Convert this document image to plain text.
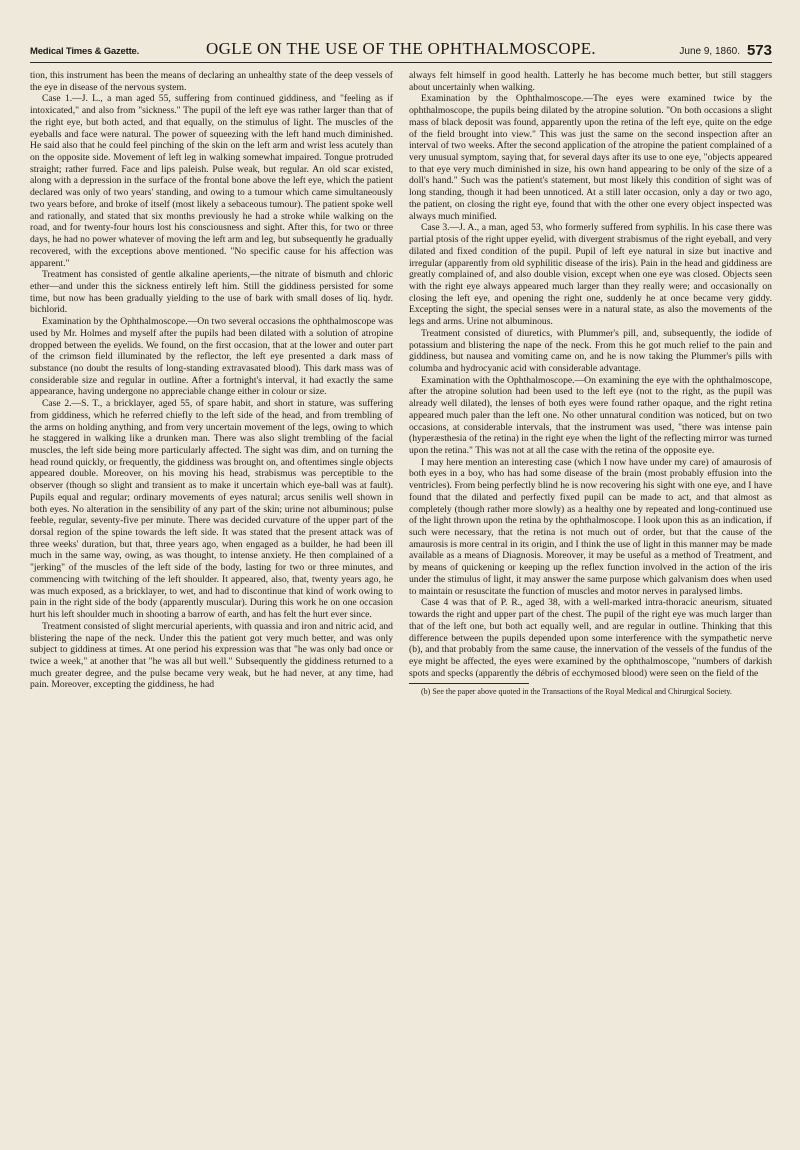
Medical Times & Gazette.	OGLE ON THE USE OF THE OPHTHALMOSCOPE.	June 9, 1860. 573

tion, this instrument has been the means of declaring an unhealthy state of the deep vessels of the eye in disease of the nervous system.

Case 1.—J. L., a man aged 55, suffering from continued giddiness, and "feeling as if intoxicated," and also from "sickness." The pupil of the left eye was rather larger than that of the right eye, but both acted, and that equally, on the stimulus of light. The muscles of the eyeballs and face were natural. The power of squeezing with the left hand much diminished. He said also that he could feel pinching of the skin on the left arm and wrist less acutely than on the opposite side. Movement of left leg in walking somewhat impaired. Tongue protruded straight; rather furred. Face and lips paleish. Pulse weak, but regular. An old scar existed, along with a depression in the surface of the frontal bone above the left eye, which the patient declared was only of two years' standing, and owing to a tumour which came simultaneously two years before, and broke of itself (most likely a sebaceous tumour). The patient spoke well and rationally, and stated that six months previously he had a stroke while walking on the road, and for twenty-four hours lost his consciousness and sight. After this, for two or three days, he had no power whatever of moving the left arm and leg, but subsequently he gradually recovered, with the exceptions above mentioned. "No specific cause for his affection was apparent."

Treatment has consisted of gentle alkaline aperients,—the nitrate of bismuth and chloric ether—and under this the sickness entirely left him. Still the giddiness persisted for some time, but now has been gradually yielding to the use of bark with small doses of liq. hydr. bichlorid.

Examination by the Ophthalmoscope.—On two several occasions the ophthalmoscope was used by Mr. Holmes and myself after the pupils had been dilated with a solution of atropine dropped between the eyelids. We found, on the first occasion, that at the lower and outer part of the crimson field illuminated by the reflector, the left eye presented a dark mass of substance (no doubt the results of long-standing extravasated blood). This dark mass was of considerable size and regular in outline. After a fortnight's interval, it had exactly the same appearance, having undergone no appreciable change either in colour or size.

Case 2.—S. T., a bricklayer, aged 55, of spare habit, and short in stature, was suffering from giddiness, which he referred chiefly to the left side of the head, and from trembling of the arms on holding anything, and from very uncertain movement of the legs, owing to which he staggered in walking like a drunken man. There was also slight trembling of the facial muscles, the left side being more particularly affected. The sight was dim, and on turning the head round quickly, or frequently, the giddiness was brought on, and oftentimes single objects appeared double. Moreover, on his moving his head, strabismus was perceptible to the observer (though so slight and transient as to make it uncertain which eye-ball was at fault). Pupils equal and regular; ordinary movements of eyes natural; arcus senilis well shown in both eyes. No alteration in the sensibility of any part of the skin; urine not albuminous; pulse feeble, regular, seventy-five per minute. There was decided curvature of the upper part of the dorsal region of the spine towards the left side. It was stated that the present attack was of three weeks' duration, but that, three years ago, when engaged as a builder, he had been ill much in the same way, owing, as was thought, to intense anxiety. He then complained of a "jerking" of the muscles of the left side of the body, lasting for two or three minutes, and commencing with twitching of the left shoulder. It appeared, also, that, twenty years ago, he was much exposed, as a bricklayer, to wet, and had to discontinue that kind of work owing to pain in the right side of the body (apparently muscular). During this work he on one occasion hurt his left shoulder much in shooting a barrow of earth, and has felt the hurt ever since.

Treatment consisted of slight mercurial aperients, with quassia and iron and nitric acid, and blistering the nape of the neck. Under this the patient got very much better, and was only subject to giddiness at times. At one period his expression was that "he was only bad once or twice a week," at another that "he was all but well." Subsequently the giddiness returned to a much greater degree, and the pulse became very weak, but he had never, at any time, had pain. Moreover, excepting the giddiness, he had

always felt himself in good health. Latterly he has become much better, but still staggers about uncertainly when walking.

Examination by the Ophthalmoscope.—The eyes were examined twice by the ophthalmoscope, the pupils being dilated by the atropine solution. "On both occasions a slight mass of black deposit was found, apparently upon the retina of the left eye, quite on the edge of the field brought into view." This was just the same on the second inspection after an interval of two weeks. After the second application of the atropine the patient complained of a very unusual symptom, saying that, for several days after its use to one eye, "objects appeared to that eye very much diminished in size, his own hand appearing to be only of the size of a doll's hand." Such was the patient's statement, but most likely this condition of sight was of long standing, though it had been unnoticed. At a still later occasion, only a day or two ago, the patient, on closing the right eye, found that with the other one every object inspected was always much minified.

Case 3.—J. A., a man, aged 53, who formerly suffered from syphilis. In his case there was partial ptosis of the right upper eyelid, with divergent strabismus of the right eyeball, and very dilated and fixed condition of the pupil. Pupil of left eye natural in size but inactive and irregular (apparently from old syphilitic disease of the iris). Pain in the head and giddiness are greatly complained of, and also double vision, except when one eye was closed. Objects seen with the right eye always appeared much larger than they really were; and occasionally on closing the left eye, and opening the right one, suddenly he at once became very giddy. Excepting the sight, the special senses were in a natural state, as also the movements of the legs and arms. Urine not albuminous.

Treatment consisted of diuretics, with Plummer's pill, and, subsequently, the iodide of potassium and blistering the nape of the neck. From this he got much relief to the pain and giddiness, but nausea and vomiting came on, and he is now taking the Plummer's pills with columba and hydrocyanic acid with considerable advantage.

Examination with the Ophthalmoscope.—On examining the eye with the ophthalmoscope, after the atropine solution had been used to the left eye (not to the right, as the pupil was already well dilated), the lenses of both eyes were found rather opaque, and the right retina appeared much paler than the left one. No other unnatural condition was noticed, but on two occasions, at considerable intervals, that the instrument was used, "there was intense pain (hyperæsthesia of the retina) in the right eye when the light of the reflecting mirror was turned upon the retina." This was not at all the case with the retina of the opposite eye.

I may here mention an interesting case (which I now have under my care) of amaurosis of both eyes in a boy, who has had some disease of the brain (most probably effusion into the ventricles). From being perfectly blind he is now recovering his sight with one eye, and I have found that the dilated and perfectly fixed pupil can be made to act, and that almost as completely (though rather more slowly) as a healthy one by repeated and long-continued use of the light thrown upon the retina by the ophthalmoscope. I look upon this as an indication, if such were necessary, that the retina is not much out of order, but that the cause of the amaurosis is more central in its origin, and I think the use of light in this manner may be made available as a means of Diagnosis. Moreover, it may be useful as a method of Treatment, and by means of quickening or keeping up the reflex function involved in the action of the iris under the stimulus of light, it may answer the same purpose which galvanism does when used to maintain or resuscitate the function of muscles and motor nerves in paralysed limbs.

Case 4 was that of P. R., aged 38, with a well-marked intra-thoracic aneurism, situated towards the right and upper part of the chest. The pupil of the right eye was much larger than that of the left one, but both act equally well, and are regular in outline. Thinking that this difference between the pupils depended upon some interference with the sympathetic nerve (b), and that probably from the same cause, the innervation of the vessels of the fundus of the eye might be affected, the eyes were examined by the ophthalmoscope, "numbers of darkish spots and specks (apparently the débris of ecchymosed blood) were seen on the field of the

(b) See the paper above quoted in the Transactions of the Royal Medical and Chirurgical Society.
